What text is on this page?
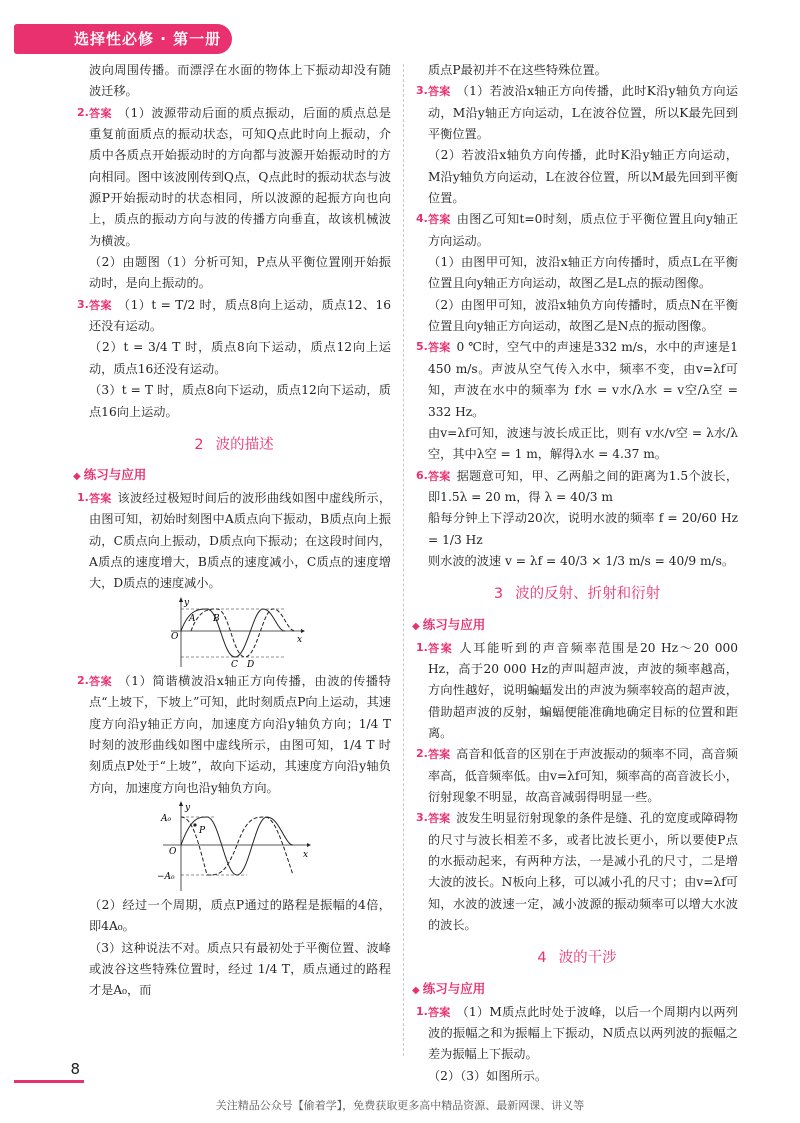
选择性必修 · 第一册

波向周围传播。而漂浮在水面的物体上下振动却没有随波迁移。

2. 答案 （1）波源带动后面的质点振动，后面的质点总是重复前面质点的振动状态，可知Q点此时向上振动，介质中各质点开始振动时的方向都与波源开始振动时的方向相同。图中该波刚传到Q点，Q点此时的振动状态与波源P开始振动时的状态相同，所以波源的起振方向也向上，质点的振动方向与波的传播方向垂直，故该机械波为横波。

（2）由题图（1）分析可知，P点从平衡位置刚开始振动时，是向上振动的。

3. 答案 （1）t = T/2 时，质点8向上运动，质点12、16还没有运动。

（2）t = 3/4 T 时，质点8向下运动，质点12向上运动，质点16还没有运动。

（3）t = T 时，质点8向下运动，质点12向下运动，质点16向上运动。

2 波的描述
◆ 练习与应用
1. 答案 该波经过极短时间后的波形曲线如图中虚线所示，由图可知，初始时刻图中A质点向下振动，B质点向上振动，C质点向上振动，D质点向下振动；在这段时间内，A质点的速度增大，B质点的速度减小，C质点的速度增大，D质点的速度减小。

y
x
O
A B
C D
2. 答案 （1）简谐横波沿x轴正方向传播，由波的传播特点“上坡下，下坡上”可知，此时刻质点P向上运动，其速度方向沿y轴正方向，加速度方向沿y轴负方向；1/4 T 时刻的波形曲线如图中虚线所示，由图可知，1/4 T 时刻质点P处于“上坡”，故向下运动，其速度方向沿y轴负方向，加速度方向也沿y轴负方向。

y
x
O
A₀
−A₀
P

（2）经过一个周期，质点P通过的路程是振幅的4倍，即4A₀。

（3）这种说法不对。质点只有最初处于平衡位置、波峰或波谷这些特殊位置时，经过 1/4 T，质点通过的路程才是A₀，而

质点P最初并不在这些特殊位置。

3. 答案 （1）若波沿x轴正方向传播，此时K沿y轴负方向运动，M沿y轴正方向运动，L在波谷位置，所以K最先回到平衡位置。

（2）若波沿x轴负方向传播，此时K沿y轴正方向运动，M沿y轴负方向运动，L在波谷位置，所以M最先回到平衡位置。

4. 答案 由图乙可知t=0时刻，质点位于平衡位置且向y轴正方向运动。

（1）由图甲可知，波沿x轴正方向传播时，质点L在平衡位置且向y轴正方向运动，故图乙是L点的振动图像。

（2）由图甲可知，波沿x轴负方向传播时，质点N在平衡位置且向y轴正方向运动，故图乙是N点的振动图像。

5. 答案 0 ℃时，空气中的声速是332 m/s，水中的声速是1 450 m/s。声波从空气传入水中，频率不变，由v=λf可知，声波在水中的频率为 f水 = v水/λ水 = v空/λ空 = 332 Hz。

由v=λf可知，波速与波长成正比，则有 v水/v空 = λ水/λ空，其中λ空 = 1 m，解得λ水 = 4.37 m。

6. 答案 据题意可知，甲、乙两船之间的距离为1.5个波长，即1.5λ = 20 m，得 λ = 40/3 m

船每分钟上下浮动20次，说明水波的频率 f = 20/60 Hz = 1/3 Hz

则水波的波速 v = λf = 40/3 × 1/3 m/s = 40/9 m/s。

3 波的反射、折射和衍射
◆ 练习与应用
1. 答案 人耳能听到的声音频率范围是20 Hz～20 000 Hz，高于20 000 Hz的声叫超声波，声波的频率越高，方向性越好，说明蝙蝠发出的声波为频率较高的超声波，借助超声波的反射，蝙蝠便能准确地确定目标的位置和距离。

2. 答案 高音和低音的区别在于声波振动的频率不同，高音频率高，低音频率低。由v=λf可知，频率高的高音波长小，衍射现象不明显，故高音减弱得明显一些。

3. 答案 波发生明显衍射现象的条件是缝、孔的宽度或障碍物的尺寸与波长相差不多，或者比波长更小，所以要使P点的水振动起来，有两种方法，一是减小孔的尺寸，二是增大波的波长。N板向上移，可以减小孔的尺寸；由v=λf可知，水波的波速一定，减小波源的振动频率可以增大水波的波长。

4 波的干涉
◆ 练习与应用
1. 答案 （1）M质点此时处于波峰，以后一个周期内以两列波的振幅之和为振幅上下振动，N质点以两列波的振幅之差为振幅上下振动。

（2）（3）如图所示。

8
关注精品公众号【偷着学】，免费获取更多高中精品资源、最新网课、讲义等
